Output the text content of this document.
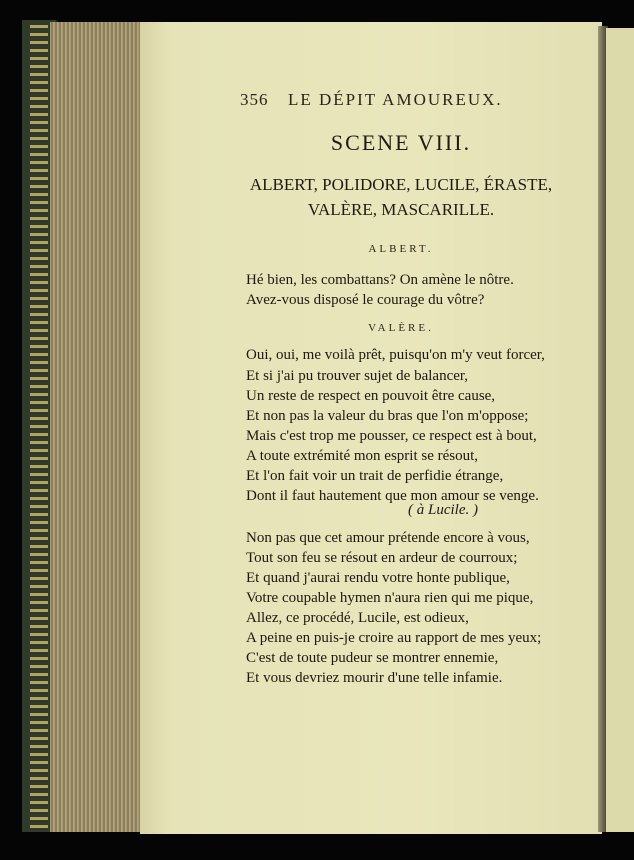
356 LE DÉPIT AMOUREUX.
SCENE VIII.
ALBERT, POLIDORE, LUCILE, ÉRASTE,
VALÈRE, MASCARILLE.
ALBERT.
Hé bien, les combattans? On amène le nôtre.
Avez-vous disposé le courage du vôtre?
VALÈRE.
Oui, oui, me voilà prêt, puisqu'on m'y veut forcer,
Et si j'ai pu trouver sujet de balancer,
Un reste de respect en pouvoit être cause,
Et non pas la valeur du bras que l'on m'oppose;
Mais c'est trop me pousser, ce respect est à bout,
A toute extrémité mon esprit se résout,
Et l'on fait voir un trait de perfidie étrange,
Dont il faut hautement que mon amour se venge.
( à Lucile. )
Non pas que cet amour prétende encore à vous,
Tout son feu se résout en ardeur de courroux;
Et quand j'aurai rendu votre honte publique,
Votre coupable hymen n'aura rien qui me pique,
Allez, ce procédé, Lucile, est odieux,
A peine en puis-je croire au rapport de mes yeux;
C'est de toute pudeur se montrer ennemie,
Et vous devriez mourir d'une telle infamie.
